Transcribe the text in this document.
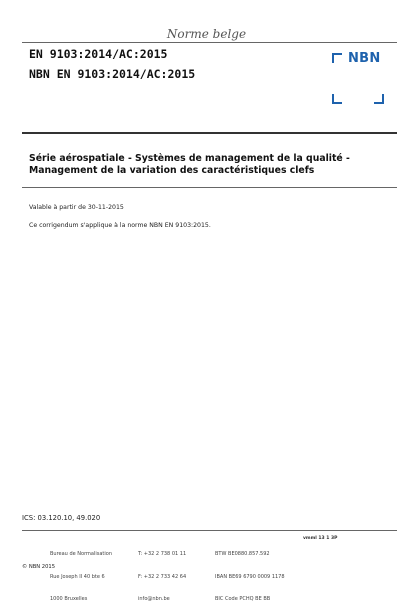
Norme belge
EN 9103:2014/AC:2015
NBN EN 9103:2014/AC:2015
NBN
Série aérospatiale - Systèmes de management de la qualité -
Management de la variation des caractéristiques clefs
Valable à partir de 30-11-2015
Ce corrigendum s'applique à la norme NBN EN 9103:2015.
ICS: 03.120.10, 49.020

Bureau de Normalisation

Rue Joseph II 40 bte 6

1000 Bruxelles

T: +32 2 738 01 11

F: +32 2 733 42 64

info@nbn.be

BTW BE0880.857.592

IBAN BE69 6790 0009 1178

BIC Code PCHQ BE BB

vmml 13 1 3P
© NBN 2015
